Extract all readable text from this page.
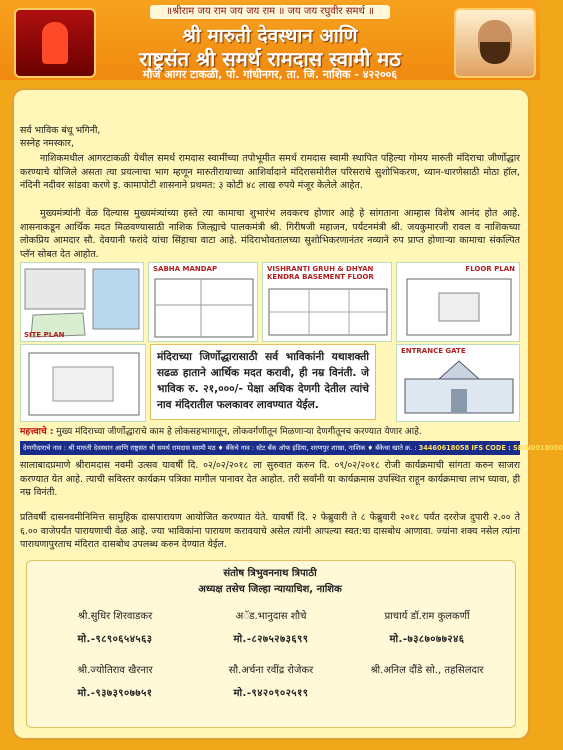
॥श्रीराम जय राम जय जय राम ॥ जय जय रघुवीर समर्थ ॥
श्री मारुती देवस्थान आणि
राष्ट्रसंत श्री समर्थ रामदास स्वामी मठ
मौजे आगर टाकळी, पो. गांधीनगर, ता. जि. नाशिक - ४२२००६
सर्व भाविक बंधू भगिनी,
सस्नेह नमस्कार,
नाशिकमधील आगरटाकळी येथील समर्थ रामदास स्वामींच्या तपोभूमीत समर्थ रामदास स्वामी स्थापित पहिल्या गोमय मारुती मंदिराचा जीर्णोद्धार करण्याचे योजिले असता त्या प्रयत्नाचा भाग म्हणून मारुतीरायाच्या आशिर्वादाने मंदिरासमोरील परिसराचे सुशोभिकरण, ध्यान-धारणेसाठी मोठा हॉल, नंदिनी नदीवर सांडवा करणे इ. कामापोटी शासनाने प्रथमत: ३ कोटी ४८ लाख रुपये मंजूर केलेले आहेत.
मुख्यमंत्र्यांनी वेळ दिल्यास मुख्यमंत्र्यांच्या हस्ते त्या कामाचा शुभारंभ लवकरच होणार आहे हे सांगताना आम्हास विशेष आनंद होत आहे. शासनाकडून आर्थिक मदत मिळवण्यासाठी नाशिक जिल्ह्याचे पालकमंत्री श्री. गिरीषजी महाजन, पर्यटनमंत्री श्री. जयकुमारजी रावल व नाशिकच्या लोकप्रिय आमदार सौ. देवयानी फरांदे यांचा सिंहाचा वाटा आहे. मंदिराभोवतालच्या सुशोभिकरणानंतर नव्याने रुप प्राप्त होणाऱ्या कामाचा संकल्पित प्लॅन सोबत देत आहोत.
SITE PLAN
SABHA MANDAP	VISHRANTI GRUH & DHYAN KENDRA BASEMENT FLOOR
FLOOR PLAN
ENTRANCE GATE
मंदिराच्या जिर्णोद्धारासाठी सर्व भाविकांनी यथाशक्ती सढळ हाताने आर्थिक मदत करावी, ही नम्र विनंती. जे भाविक रु. २१,०००/- पेक्षा अधिक देणगी देतील त्यांचे नाव मंदिरातील फलकावर लावण्यात येईल.
महत्त्वाचे : मुख्य मंदिराच्या जीर्णोद्धाराचे काम हे लोकसहभागातून, लोकवर्गणीतून मिळणाऱ्या देणगीतूनच करण्यात येणार आहे.
देणगीदाराचे नाव : श्री मारुती देवस्थान आणि राष्ट्रसंत श्री समर्थ रामदास स्वामी मठ ♦ बँकेचे नाव : स्टेट बँक ऑफ इंडिया, शरणपुर शाखा, नाशिक ♦ बँकेचा खाते क्र. : 34460618058 IFS CODE : SBIN0018050
सालाबादप्रमाणे श्रीरामदास नवमी उत्सव यावर्षी दि. ०२/०२/२०१८ ला सुरुवात करुन दि. ०९/०२/२०१८ रोजी कार्यक्रमाची सांगता करुन साजरा करण्यात येत आहे. त्याची सविस्तर कार्यक्रम पत्रिका मागील पानावर देत आहोत. तरी सर्वांनी या कार्यक्रमास उपस्थित राहून कार्यक्रमाचा लाभ घ्यावा, ही नम्र विनंती.
प्रतिवर्षी दासनवमीनिमित्त सामुहिक दासपारायण आयोजित करण्यात येते. यावर्षी दि. २ फेब्रुवारी ते ८ फेब्रुवारी २०१८ पर्यंत दररोज दुपारी २.०० ते ६.०० वाजेपर्यंत पारायणाची वेळ आहे. ज्या भाविकांना पारायण करावयाचे असेल त्यांनी आपल्या स्वत:चा दासबोध आणावा. ज्यांना शक्य नसेल त्यांना पारायणापुरताच मंदिरात दासबोध उपलब्ध करुन देण्यात येईल.
संतोष त्रिभुवननाथ त्रिपाठी
अध्यक्ष तसेच जिल्हा न्यायाधिश, नाशिक
श्री.सुधिर शिरवाडकर
मो.-९८९०६५४५६३
अॅड.भानुदास शौचे
मो.-८२७५२७३६९९
प्राचार्य डॉ.राम कुलकर्णी
मो.-७३८७०७७२४६
श्री.ज्योतिराव खैरनार
मो.-९३७३९०७७५१
सौ.अर्चना रवींद्र रोजेकर
मो.-९४२०९०२५१९
श्री.अनिल दौंडे सो., तहसिलदार
